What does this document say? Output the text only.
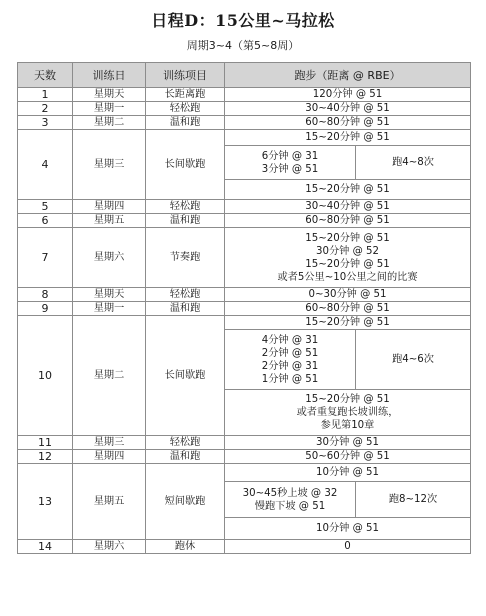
日程D：15公里~马拉松
周期3~4（第5~8周）
天数	训练日	训练项目	跑步（距离 @ RBE）	
1	星期天	长距离跑	120分钟 @ 51	
2	星期一	轻松跑	30~40分钟 @ 51	
3	星期二	温和跑	60~80分钟 @ 51	
4	星期三	长间歇跑	15~20分钟 @ 51	

			6分钟 @ 31
3分钟 @ 51	跑4~8次
			15~20分钟 @ 51	
5	星期四	轻松跑	30~40分钟 @ 51	
6	星期五	温和跑	60~80分钟 @ 51	
7	星期六	节奏跑	15~20分钟 @ 51
30分钟 @ 52
15~20分钟 @ 51
或者5公里~10公里之间的比赛	

8	星期天	轻松跑	0~30分钟 @ 51	
9	星期一	温和跑	60~80分钟 @ 51	
10	星期二	长间歇跑	15~20分钟 @ 51	

			4分钟 @ 31
2分钟 @ 51
2分钟 @ 31
1分钟 @ 51	跑4~6次

			15~20分钟 @ 51
或者重复跑长坡训练，
参见第10章	

11	星期三	轻松跑	30分钟 @ 51	
12	星期四	温和跑	50~60分钟 @ 51	
13	星期五	短间歇跑	10分钟 @ 51	

			30~45秒上坡 @ 32
慢跑下坡 @ 51	跑8~12次
			10分钟 @ 51	
14	星期六	跑休	0	
